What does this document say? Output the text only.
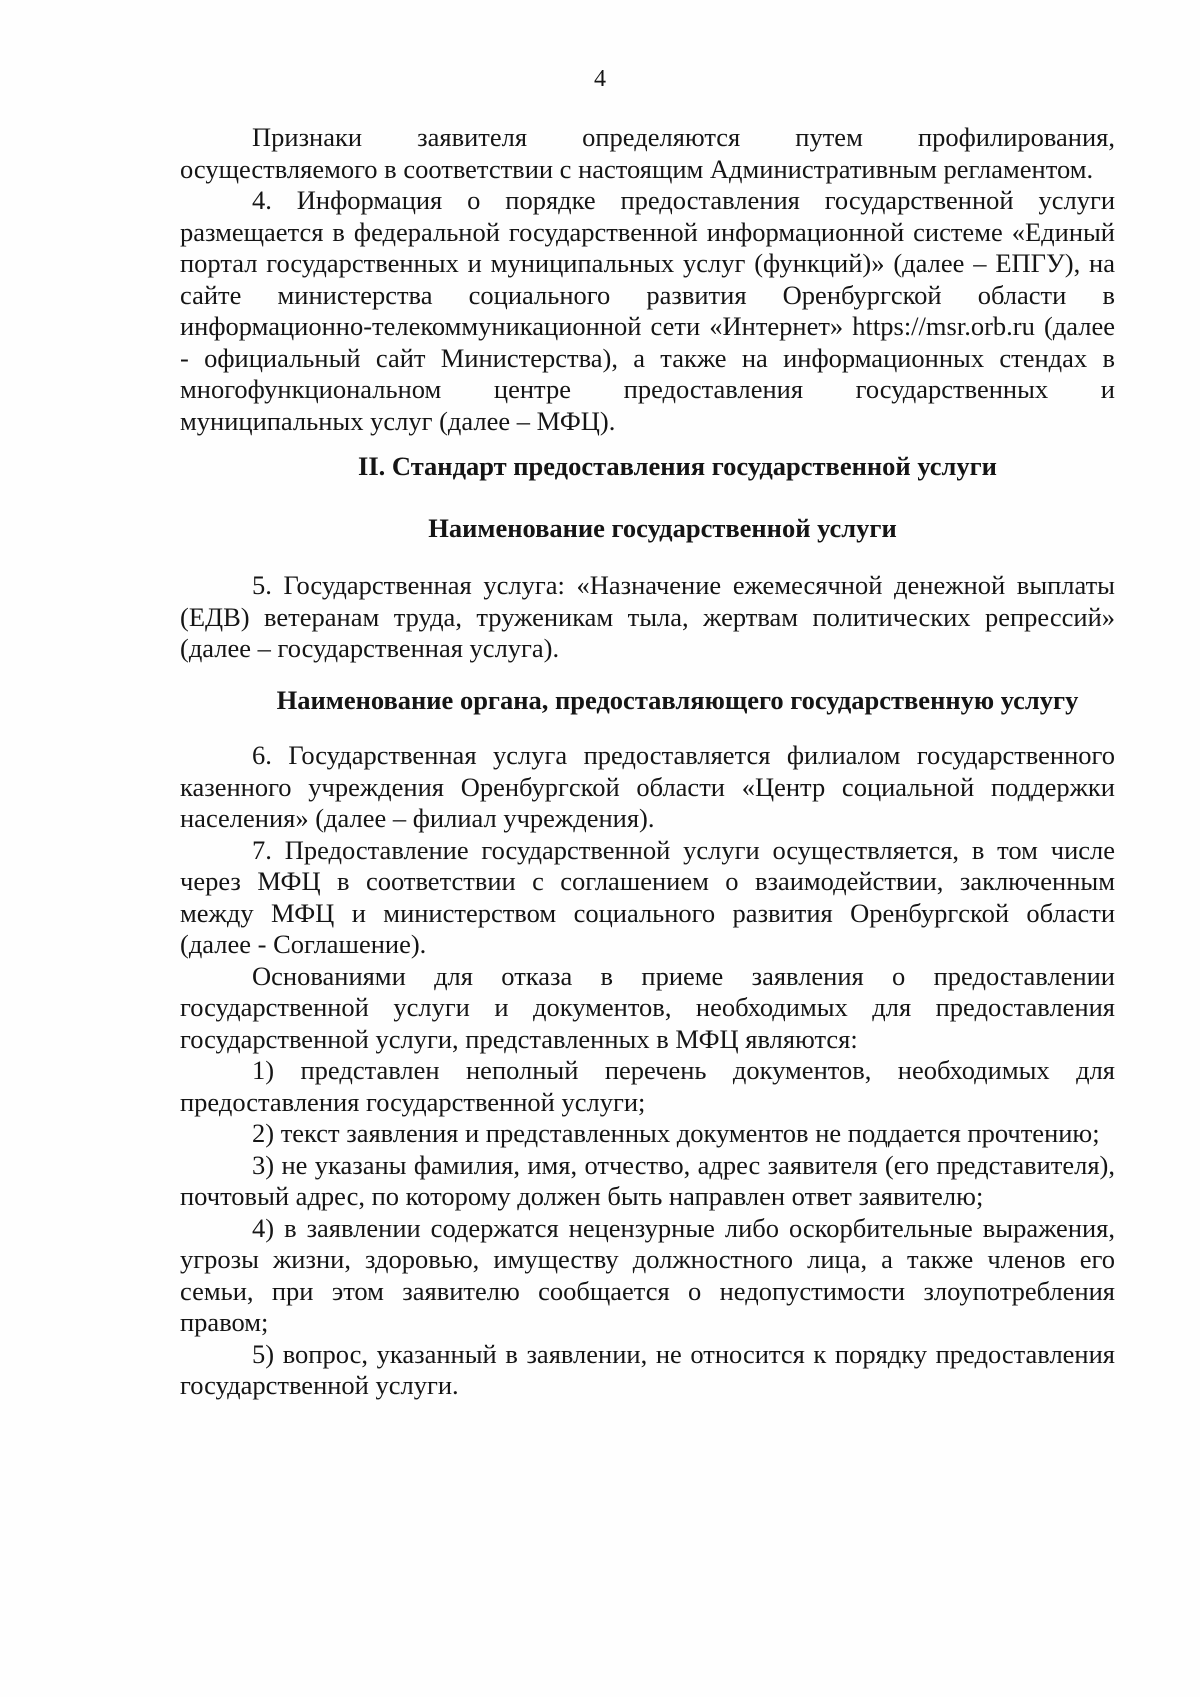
4

Признаки заявителя определяются путем профилирования, осуществляемого в соответствии с настоящим Административным регламентом.

4. Информация о порядке предоставления государственной услуги размещается в федеральной государственной информационной системе «Единый портал государственных и муниципальных услуг (функций)» (далее – ЕПГУ), на сайте министерства социального развития Оренбургской области в информационно-телекоммуникационной сети «Интернет» https://msr.orb.ru (далее - официальный сайт Министерства), а также на информационных стендах в многофункциональном центре предоставления государственных и муниципальных услуг (далее – МФЦ).

II. Стандарт предоставления государственной услуги
Наименование государственной услуги

5. Государственная услуга: «Назначение ежемесячной денежной выплаты (ЕДВ) ветеранам труда, труженикам тыла, жертвам политических репрессий» (далее – государственная услуга).

Наименование органа, предоставляющего государственную услугу

6. Государственная услуга предоставляется филиалом государственного казенного учреждения Оренбургской области «Центр социальной поддержки населения» (далее – филиал учреждения).

7. Предоставление государственной услуги осуществляется, в том числе через МФЦ в соответствии с соглашением о взаимодействии, заключенным между МФЦ и министерством социального развития Оренбургской области (далее - Соглашение).

Основаниями для отказа в приеме заявления о предоставлении государственной услуги и документов, необходимых для предоставления государственной услуги, представленных в МФЦ являются:

1) представлен неполный перечень документов, необходимых для предоставления государственной услуги;

2) текст заявления и представленных документов не поддается прочтению;

3) не указаны фамилия, имя, отчество, адрес заявителя (его представителя), почтовый адрес, по которому должен быть направлен ответ заявителю;

4) в заявлении содержатся нецензурные либо оскорбительные выражения, угрозы жизни, здоровью, имуществу должностного лица, а также членов его семьи, при этом заявителю сообщается о недопустимости злоупотребления правом;

5) вопрос, указанный в заявлении, не относится к порядку предоставления государственной услуги.
